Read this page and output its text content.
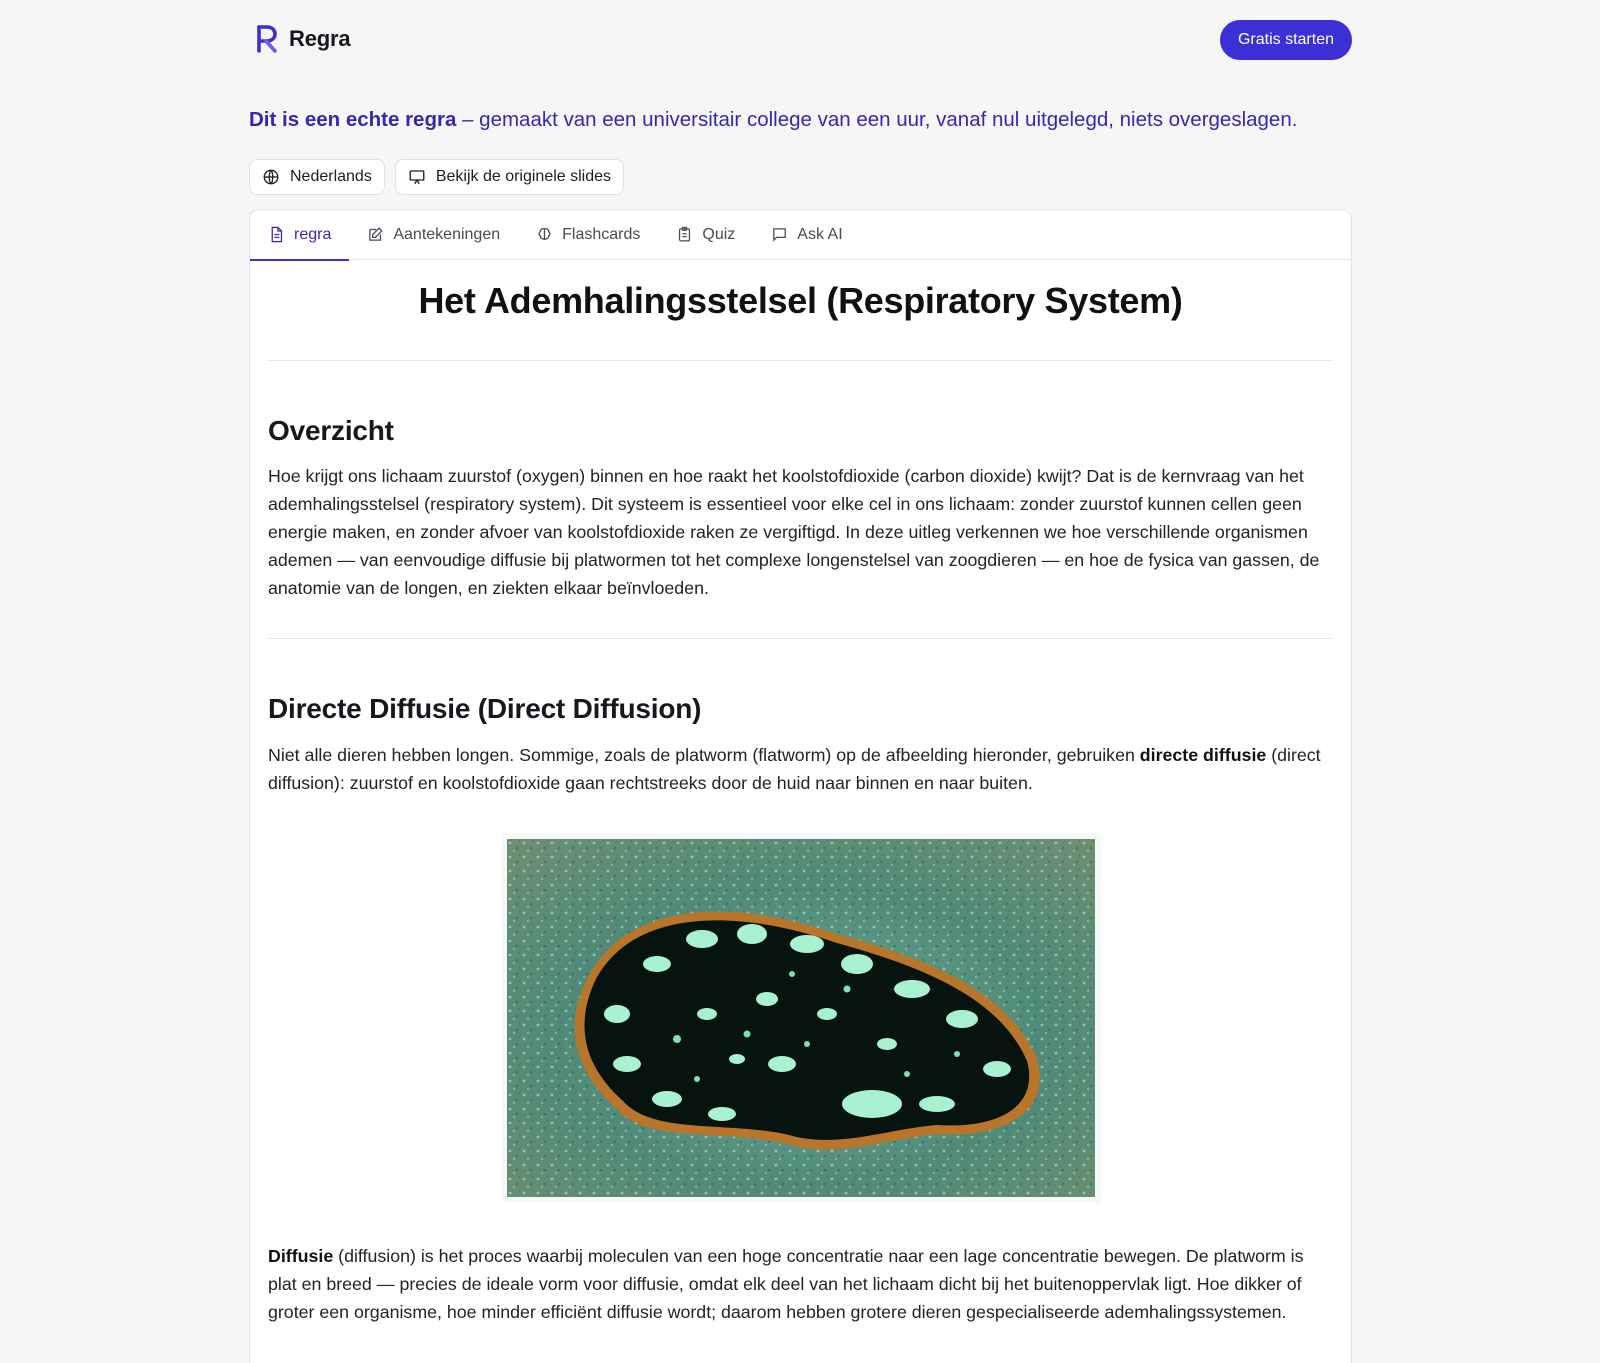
Regra	Gratis starten
Dit is een echte regra – gemaakt van een universitair college van een uur, vanaf nul uitgelegd, niets overgeslagen.
Nederlands	Bekijk de originele slides
regra	Aantekeningen	Flashcards	Quiz	Ask AI
Het Ademhalingsstelsel (Respiratory System)
Overzicht

Hoe krijgt ons lichaam zuurstof (oxygen) binnen en hoe raakt het koolstofdioxide (carbon dioxide) kwijt? Dat is de kernvraag van het ademhalingsstelsel (respiratory system). Dit systeem is essentieel voor elke cel in ons lichaam: zonder zuurstof kunnen cellen geen energie maken, en zonder afvoer van koolstofdioxide raken ze vergiftigd. In deze uitleg verkennen we hoe verschillende organismen ademen — van eenvoudige diffusie bij platwormen tot het complexe longenstelsel van zoogdieren — en hoe de fysica van gassen, de anatomie van de longen, en ziekten elkaar beïnvloeden.

Directe Diffusie (Direct Diffusion)

Niet alle dieren hebben longen. Sommige, zoals de platworm (flatworm) op de afbeelding hieronder, gebruiken directe diffusie (direct diffusion): zuurstof en koolstofdioxide gaan rechtstreeks door de huid naar binnen en naar buiten.

Diffusie (diffusion) is het proces waarbij moleculen van een hoge concentratie naar een lage concentratie bewegen. De platworm is plat en breed — precies de ideale vorm voor diffusie, omdat elk deel van het lichaam dicht bij het buitenoppervlak ligt. Hoe dikker of groter een organisme, hoe minder efficiënt diffusie wordt; daarom hebben grotere dieren gespecialiseerde ademhalingssystemen.
